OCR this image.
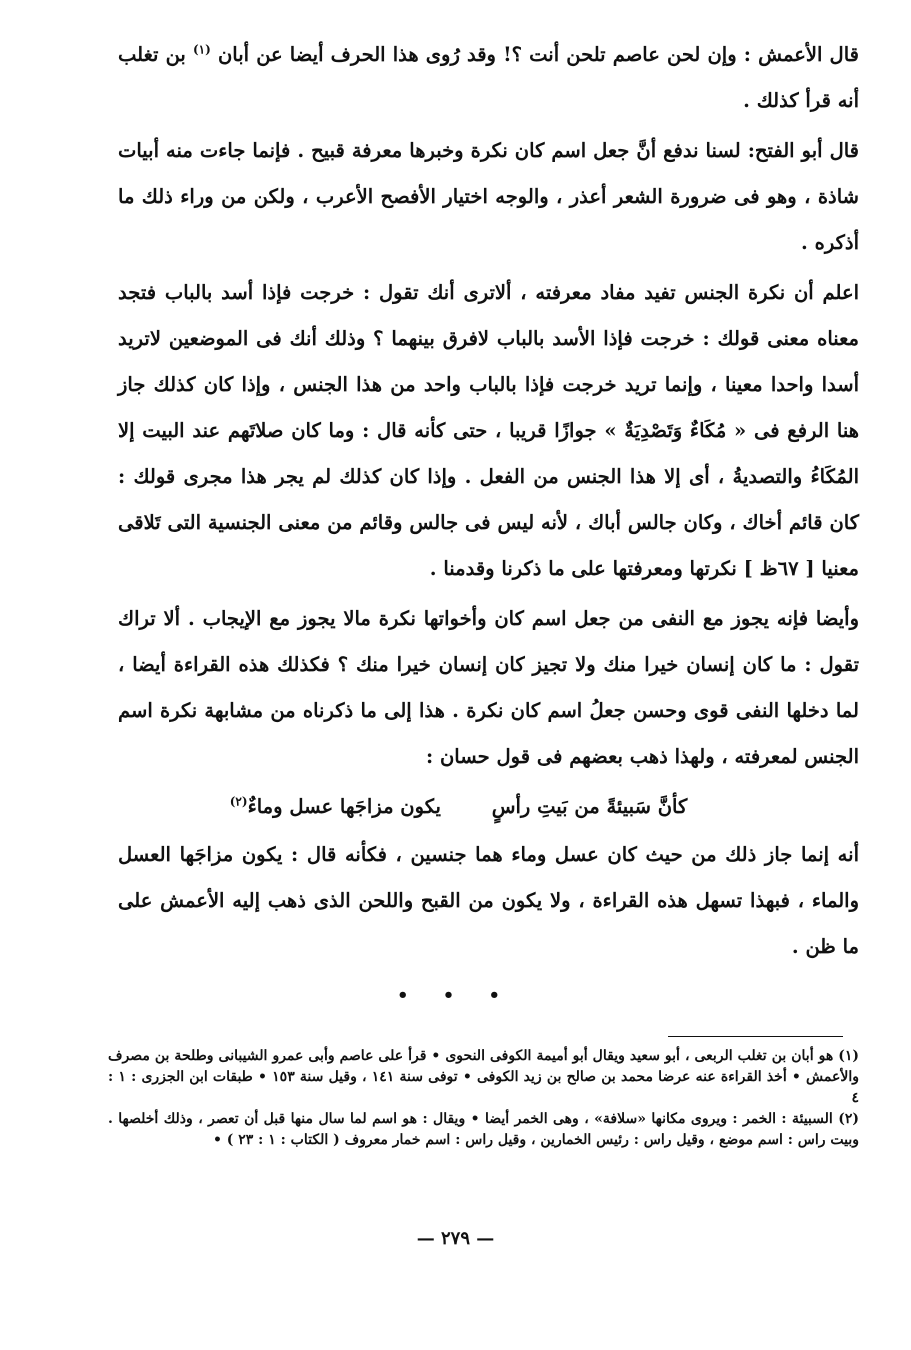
قال الأعمش : وإن لحن عاصم تلحن أنت ؟! وقد رُوى هذا الحرف أيضا عن أبان $^{(١)}$ بن تغلب أنه قرأ كذلك .

قال أبو الفتح: لسنا ندفع أنَّ جعل اسم كان نكرة وخبرها معرفة قبيح . فإنما جاءت منه أبيات شاذة ، وهو فى ضرورة الشعر أعذر ، والوجه اختيار الأفصح الأعرب ، ولكن من وراء ذلك ما أذكره .

اعلم أن نكرة الجنس تفيد مفاد معرفته ، ألاترى أنك تقول : خرجت فإذا أسد بالباب فتجد معناه معنى قولك : خرجت فإذا الأسد بالباب لافرق بينهما ؟ وذلك أنك فى الموضعين لاتريد أسدا واحدا معينا ، وإنما تريد خرجت فإذا بالباب واحد من هذا الجنس ، وإذا كان كذلك جاز هنا الرفع فى « مُكَاءٌ وَتَصْدِيَةٌ » جوازًا قريبا ، حتى كأنه قال : وما كان صلاتَهم عند البيت إلا المُكَاءُ والتصديةُ ، أى إلا هذا الجنس من الفعل . وإذا كان كذلك لم يجر هذا مجرى قولك : كان قائم أخاك ، وكان جالس أباك ، لأنه ليس فى جالس وقائم من معنى الجنسية التى تَلاقى معنيا [ ٦٧ظ ] نكرتها ومعرفتها على ما ذكرنا وقدمنا .

وأيضا فإنه يجوز مع النفى من جعل اسم كان وأخواتها نكرة مالا يجوز مع الإيجاب . ألا تراك تقول : ما كان إنسان خيرا منك ولا تجيز كان إنسان خيرا منك ؟ فكذلك هذه القراءة أيضا ، لما دخلها النفى قوى وحسن جعلُ اسم كان نكرة . هذا إلى ما ذكرناه من مشابهة نكرة اسم الجنس لمعرفته ، ولهذا ذهب بعضهم فى قول حسان :

كأنَّ سَبيئةً من بَيتِ رأسٍ يكون مزاجَها عسل وماءٌ$^{(٢)}$

أنه إنما جاز ذلك من حيث كان عسل وماء هما جنسين ، فكأنه قال : يكون مزاجَها العسل والماء ، فبهذا تسهل هذه القراءة ، ولا يكون من القبح واللحن الذى ذهب إليه الأعمش على ما ظن .

• • •

(١) هو أبان بن تغلب الربعى ، أبو سعيد ويقال أبو أميمة الكوفى النحوى • قرأ على عاصم وأبى عمرو الشيبانى وطلحة بن مصرف والأعمش • أخذ القراءة عنه عرضا محمد بن صالح بن زيد الكوفى • توفى سنة ١٤١ ، وقيل سنة ١٥٣ • طبقات ابن الجزرى : ١ : ٤

(٢) السبيئة : الخمر : ويروى مكانها «سلافة» ، وهى الخمر أيضا • ويقال : هو اسم لما سال منها قبل أن تعصر ، وذلك أخلصها . وبيت راس : اسم موضع ، وقيل راس : رئيس الخمارين ، وقيل راس : اسم خمار معروف ( الكتاب : ١ : ٢٣ ) •

— ٢٧٩ —
